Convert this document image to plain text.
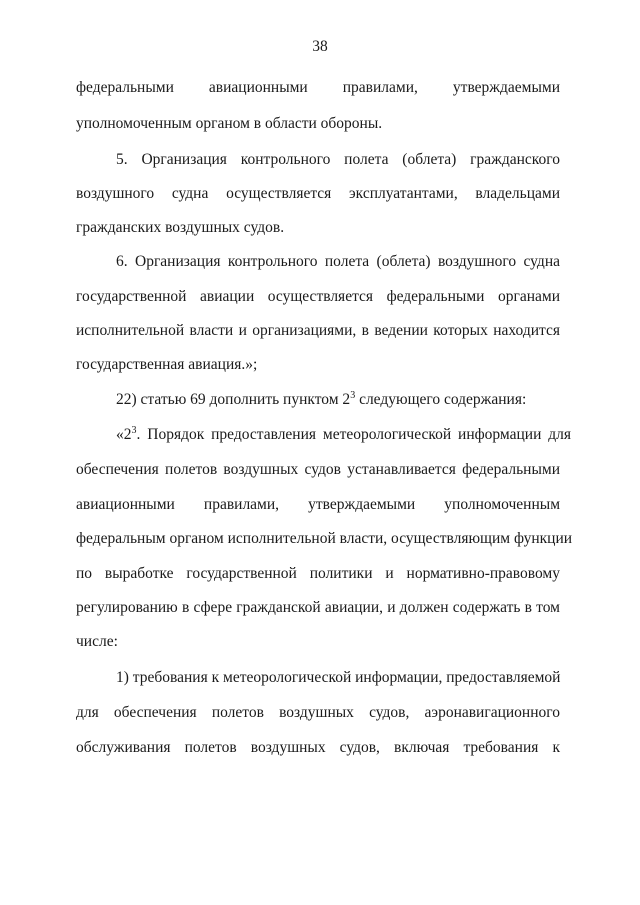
38
федеральными авиационными правилами, утверждаемыми
уполномоченным органом в области обороны.
5. Организация контрольного полета (облета) гражданского
воздушного судна осуществляется эксплуатантами, владельцами
гражданских воздушных судов.
6. Организация контрольного полета (облета) воздушного судна
государственной авиации осуществляется федеральными органами
исполнительной власти и организациями, в ведении которых находится
государственная авиация.»;
22) статью 69 дополнить пунктом $2^3$ следующего содержания:
«$2^3$. Порядок предоставления метеорологической информации для
обеспечения полетов воздушных судов устанавливается федеральными
авиационными правилами, утверждаемыми уполномоченным
федеральным органом исполнительной власти, осуществляющим функции
по выработке государственной политики и нормативно-правовому
регулированию в сфере гражданской авиации, и должен содержать в том
числе:
1) требования к метеорологической информации, предоставляемой
для обеспечения полетов воздушных судов, аэронавигационного
обслуживания полетов воздушных судов, включая требования к
